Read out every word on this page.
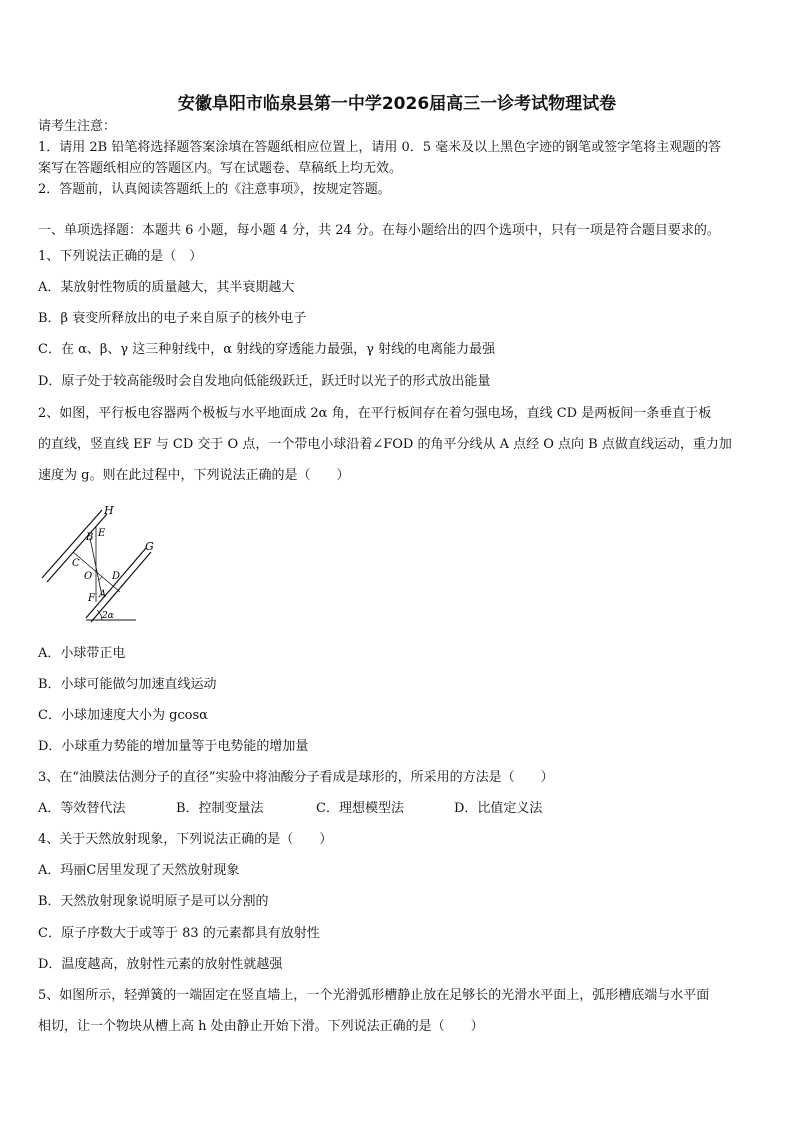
安徽阜阳市临泉县第一中学2026届高三一诊考试物理试卷
请考生注意：
1．请用 2B 铅笔将选择题答案涂填在答题纸相应位置上，请用 0．5 毫米及以上黑色字迹的钢笔或签字笔将主观题的答
案写在答题纸相应的答题区内。写在试题卷、草稿纸上均无效。
2．答题前，认真阅读答题纸上的《注意事项》，按规定答题。
一、单项选择题：本题共 6 小题，每小题 4 分，共 24 分。在每小题给出的四个选项中，只有一项是符合题目要求的。
1、下列说法正确的是（　）
A．某放射性物质的质量越大，其半衰期越大
B．β 衰变所释放出的电子来自原子的核外电子
C．在 α、β、γ 这三种射线中，α 射线的穿透能力最强，γ 射线的电离能力最强
D．原子处于较高能级时会自发地向低能级跃迁，跃迁时以光子的形式放出能量
2、如图，平行板电容器两个极板与水平地面成 2α 角，在平行板间存在着匀强电场，直线 CD 是两板间一条垂直于板
的直线，竖直线 EF 与 CD 交于 O 点，一个带电小球沿着∠FOD 的角平分线从 A 点经 O 点向 B 点做直线运动，重力加
速度为 g。则在此过程中，下列说法正确的是（　　）
H
G
B E
C
O D
A
F
2α
A．小球带正电
B．小球可能做匀加速直线运动
C．小球加速度大小为 gcosα
D．小球重力势能的增加量等于电势能的增加量
3、在“油膜法估测分子的直径”实验中将油酸分子看成是球形的，所采用的方法是（　　）
A．等效替代法	B．控制变量法	C．理想模型法	D．比值定义法
4、关于天然放射现象，下列说法正确的是（　　）
A．玛丽C居里发现了天然放射现象
B．天然放射现象说明原子是可以分割的
C．原子序数大于或等于 83 的元素都具有放射性
D．温度越高，放射性元素的放射性就越强
5、如图所示，轻弹簧的一端固定在竖直墙上，一个光滑弧形槽静止放在足够长的光滑水平面上，弧形槽底端与水平面
相切，让一个物块从槽上高 h 处由静止开始下滑。下列说法正确的是（　　）
